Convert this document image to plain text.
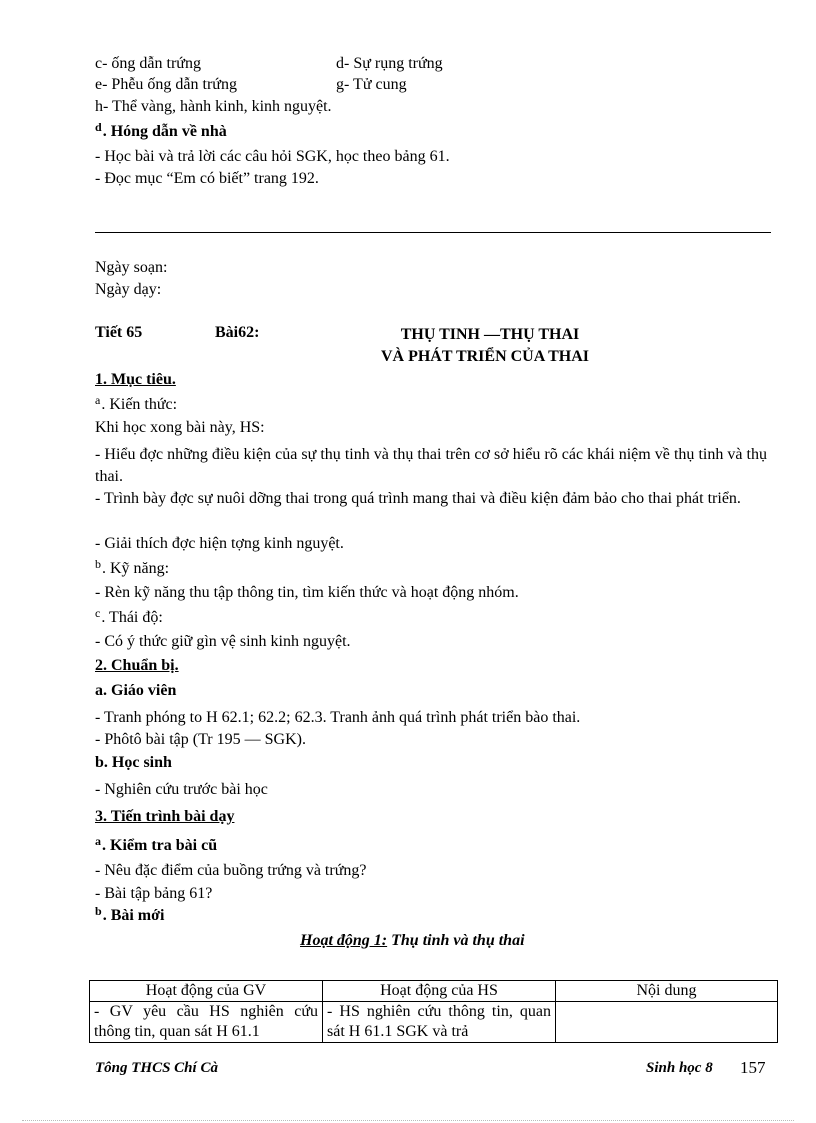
c- ống dẫn trứng	d- Sự rụng trứng
e- Phễu ống dẫn trứng	g- Tử cung
h- Thể vàng, hành kinh, kinh nguyệt.
$^d$. Hóng dẫn về nhà
- Học bài và trả lời các câu hỏi SGK, học theo bảng 61.
- Đọc mục “Em có biết” trang 192.
Ngày soạn:
Ngày dạy:
Tiết 65	Bài62:	THỤ TINH —THỤ THAI
VÀ PHÁT TRIỂN CỦA THAI
1. Mục tiêu.
$^a$. Kiến thức:
Khi học xong bài này, HS:
- Hiểu đợc những điều kiện của sự thụ tinh và thụ thai trên cơ sở hiểu rõ các khái niệm về thụ tinh và thụ thai.
- Trình bày đợc sự nuôi dỡng thai trong quá trình mang thai và điều kiện đảm bảo cho thai phát triển.
- Giải thích đợc hiện tợng kinh nguyệt.
$^b$. Kỹ năng:
- Rèn kỹ năng thu tập thông tin, tìm kiến thức và hoạt động nhóm.
$^c$. Thái độ:
- Có ý thức giữ gìn vệ sinh kinh nguyệt.
2. Chuẩn bị.
a. Giáo viên
- Tranh phóng to H 62.1; 62.2; 62.3. Tranh ảnh quá trình phát triển bào thai.
- Phôtô bài tập (Tr 195 — SGK).
b. Học sinh
- Nghiên cứu trước bài học
3. Tiến trình bài dạy
$^a$. Kiểm tra bài cũ
- Nêu đặc điểm của buồng trứng và trứng?
- Bài tập bảng 61?
$^b$. Bài mới
Hoạt động 1: Thụ tinh và thụ thai
Hoạt động của GV	Hoạt động của HS	Nội dung
- GV yêu cầu HS nghiên cứu thông tin, quan sát H 61.1	- HS nghiên cứu thông tin, quan sát H 61.1 SGK và trả	
Tông THCS Chí Cà	Sinh học 8 157
